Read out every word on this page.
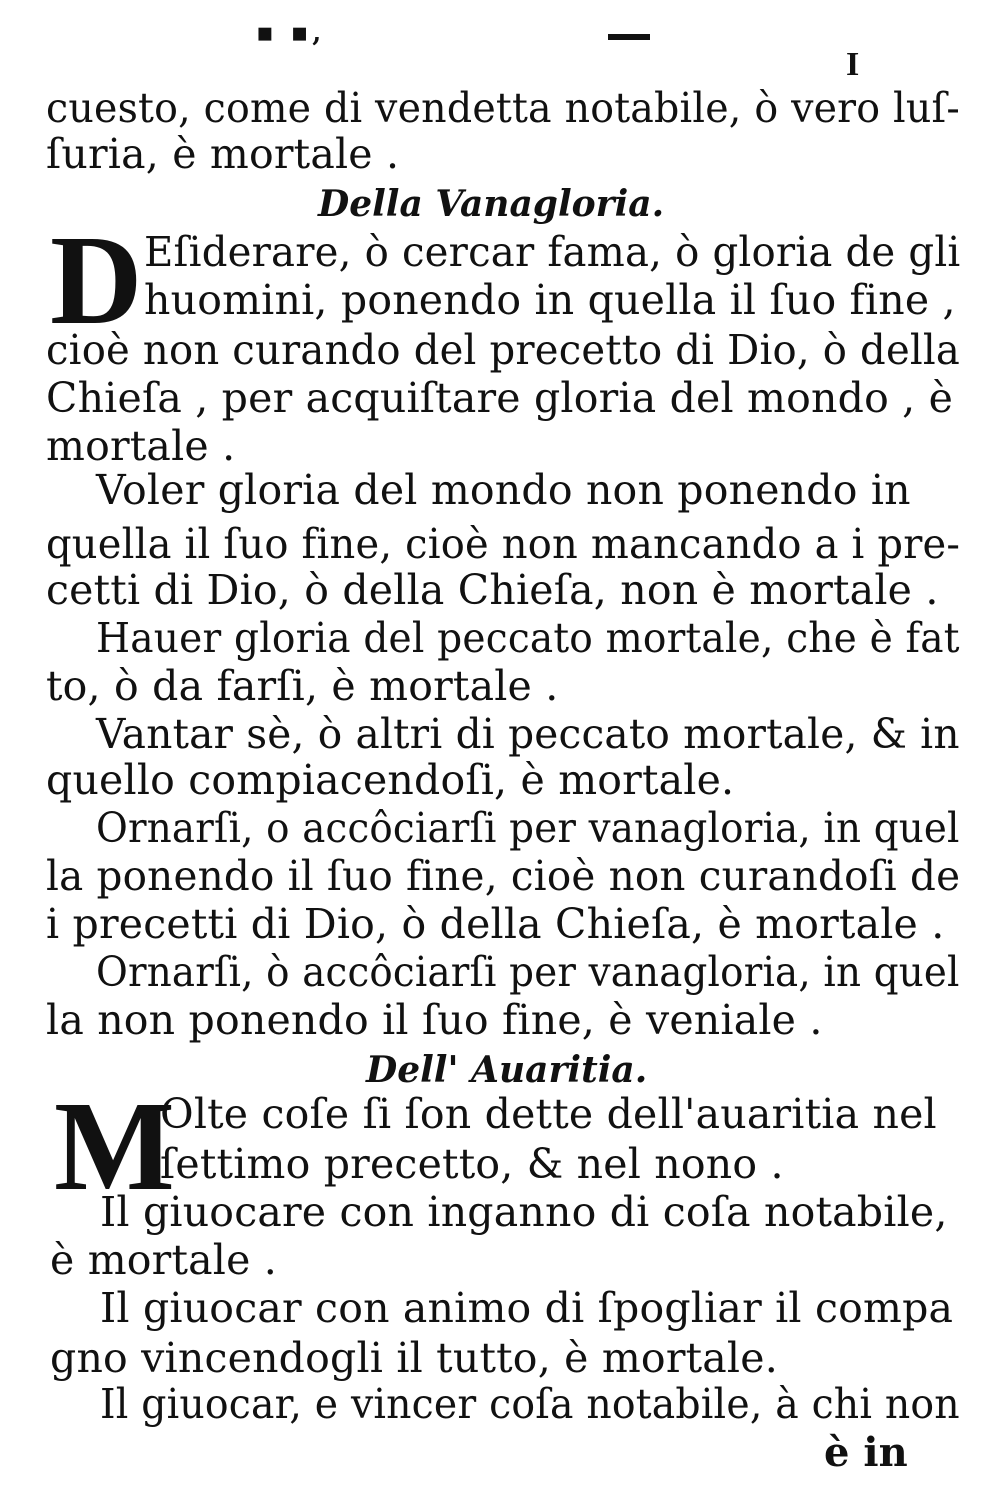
▪ ▪,
I
cuesto, come di vendetta notabile, ò vero luſ-
ſuria, è mortale .
Della Vanagloria.
D Eſiderare, ò cercar fama, ò gloria de gli
huomini, ponendo in quella il ſuo fine ,
cioè non curando del precetto di Dio, ò della
Chieſa , per acquiſtare gloria del mondo , è
mortale .
Voler gloria del mondo non ponendo in
quella il ſuo fine, cioè non mancando a i pre-
cetti di Dio, ò della Chieſa, non è mortale .
Hauer gloria del peccato mortale, che è fat
to, ò da farſi, è mortale .
Vantar sè, ò altri di peccato mortale, & in
quello compiacendoſi, è mortale.
Ornarſi, o accôciarſi per vanagloria, in quel
la ponendo il ſuo fine, cioè non curandoſi de
i precetti di Dio, ò della Chieſa, è mortale .
Ornarſi, ò accôciarſi per vanagloria, in quel
la non ponendo il ſuo fine, è veniale .
Dell' Auaritia.
M
Olte coſe ſi ſon dette dell'auaritia nel
ſettimo precetto, & nel nono .
Il giuocare con inganno di coſa notabile,
è mortale .
Il giuocar con animo di ſpogliar il compa
gno vincendogli il tutto, è mortale.
Il giuocar, e vincer coſa notabile, à chi non
è in
